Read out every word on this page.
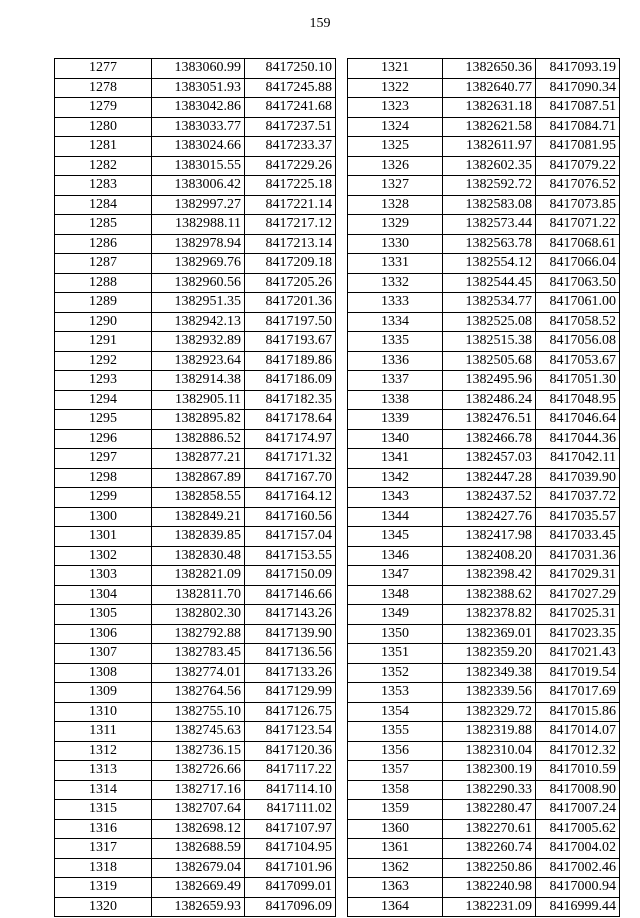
159
1277	1383060.99	8417250.10
1278	1383051.93	8417245.88
1279	1383042.86	8417241.68
1280	1383033.77	8417237.51
1281	1383024.66	8417233.37
1282	1383015.55	8417229.26
1283	1383006.42	8417225.18
1284	1382997.27	8417221.14
1285	1382988.11	8417217.12
1286	1382978.94	8417213.14
1287	1382969.76	8417209.18
1288	1382960.56	8417205.26
1289	1382951.35	8417201.36
1290	1382942.13	8417197.50
1291	1382932.89	8417193.67
1292	1382923.64	8417189.86
1293	1382914.38	8417186.09
1294	1382905.11	8417182.35
1295	1382895.82	8417178.64
1296	1382886.52	8417174.97
1297	1382877.21	8417171.32
1298	1382867.89	8417167.70
1299	1382858.55	8417164.12
1300	1382849.21	8417160.56
1301	1382839.85	8417157.04
1302	1382830.48	8417153.55
1303	1382821.09	8417150.09
1304	1382811.70	8417146.66
1305	1382802.30	8417143.26
1306	1382792.88	8417139.90
1307	1382783.45	8417136.56
1308	1382774.01	8417133.26
1309	1382764.56	8417129.99
1310	1382755.10	8417126.75
1311	1382745.63	8417123.54
1312	1382736.15	8417120.36
1313	1382726.66	8417117.22
1314	1382717.16	8417114.10
1315	1382707.64	8417111.02
1316	1382698.12	8417107.97
1317	1382688.59	8417104.95
1318	1382679.04	8417101.96
1319	1382669.49	8417099.01
1320	1382659.93	8417096.09
1321	1382650.36	8417093.19
1322	1382640.77	8417090.34
1323	1382631.18	8417087.51
1324	1382621.58	8417084.71
1325	1382611.97	8417081.95
1326	1382602.35	8417079.22
1327	1382592.72	8417076.52
1328	1382583.08	8417073.85
1329	1382573.44	8417071.22
1330	1382563.78	8417068.61
1331	1382554.12	8417066.04
1332	1382544.45	8417063.50
1333	1382534.77	8417061.00
1334	1382525.08	8417058.52
1335	1382515.38	8417056.08
1336	1382505.68	8417053.67
1337	1382495.96	8417051.30
1338	1382486.24	8417048.95
1339	1382476.51	8417046.64
1340	1382466.78	8417044.36
1341	1382457.03	8417042.11
1342	1382447.28	8417039.90
1343	1382437.52	8417037.72
1344	1382427.76	8417035.57
1345	1382417.98	8417033.45
1346	1382408.20	8417031.36
1347	1382398.42	8417029.31
1348	1382388.62	8417027.29
1349	1382378.82	8417025.31
1350	1382369.01	8417023.35
1351	1382359.20	8417021.43
1352	1382349.38	8417019.54
1353	1382339.56	8417017.69
1354	1382329.72	8417015.86
1355	1382319.88	8417014.07
1356	1382310.04	8417012.32
1357	1382300.19	8417010.59
1358	1382290.33	8417008.90
1359	1382280.47	8417007.24
1360	1382270.61	8417005.62
1361	1382260.74	8417004.02
1362	1382250.86	8417002.46
1363	1382240.98	8417000.94
1364	1382231.09	8416999.44
